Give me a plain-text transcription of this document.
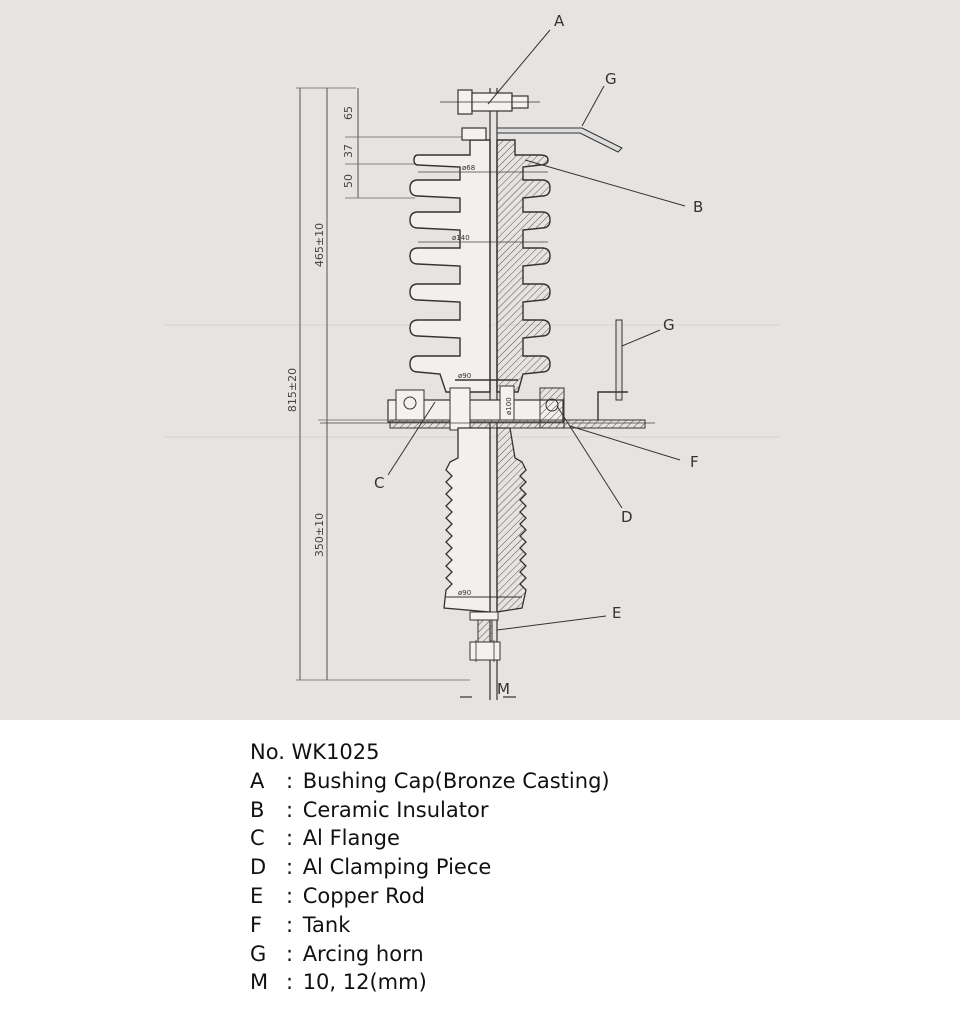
815±20
465±10
350±10
65
37
50
ø68
ø140
ø90
ø100
ø90
M
A
G
B
G
C
D
F
E
No. WK1025
A : Bushing Cap(Bronze Casting)
B : Ceramic Insulator
C : Al Flange
D : Al Clamping Piece
E : Copper Rod
F : Tank
G : Arcing horn
M : 10, 12(mm)
